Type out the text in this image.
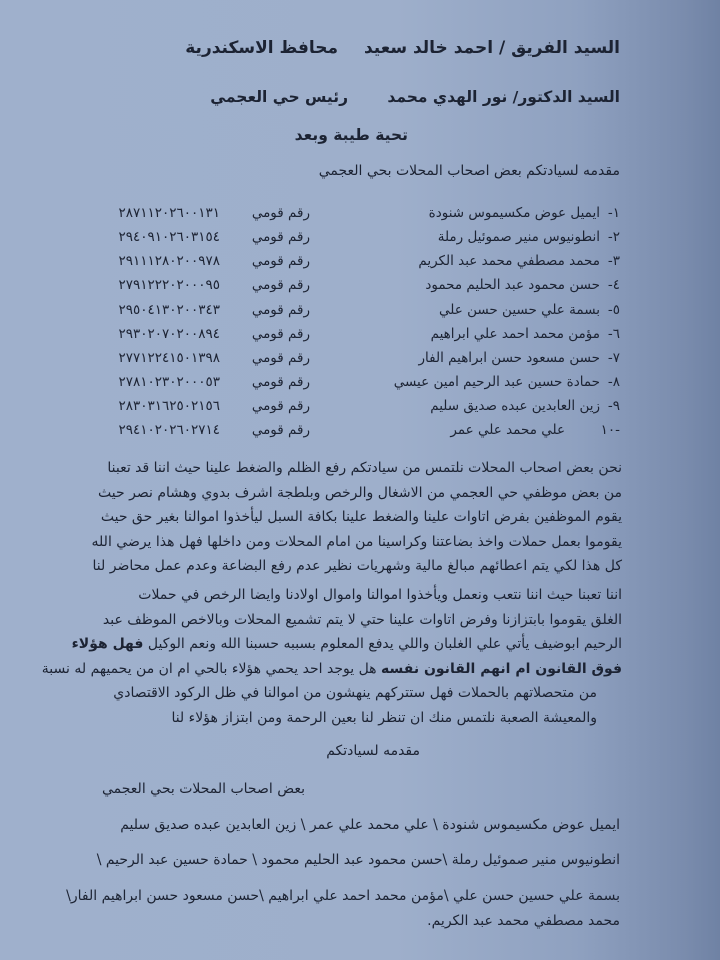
السيد الفريق / احمد خالد سعيد
محافظ الاسكندرية
السيد الدكتور/ نور الهدي محمد
رئيس حي العجمي
تحية طيبة وبعد
مقدمه لسيادتكم بعض اصحاب المحلات بحي العجمي
١-
ايميل عوض مكسيموس شنودة
رقم قومي
٢٨٧١١٢٠٢٦٠٠١٣١
٢-
انطونيوس منير صموئيل رملة
رقم قومي
٢٩٤٠٩١٠٢٦٠٣١٥٤
٣-
محمد مصطفي محمد عبد الكريم
رقم قومي
٢٩١١١٢٨٠٢٠٠٩٧٨
٤-
حسن محمود عبد الحليم محمود
رقم قومي
٢٧٩١٢٢٢٠٢٠٠٠٩٥
٥-
بسمة علي حسين حسن علي
رقم قومي
٢٩٥٠٤١٣٠٢٠٠٣٤٣
٦-
مؤمن محمد احمد علي ابراهيم
رقم قومي
٢٩٣٠٢٠٧٠٢٠٠٨٩٤
٧-
حسن مسعود حسن ابراهيم الفار
رقم قومي
٢٧٧١٢٢٤١٥٠١٣٩٨
٨-
حمادة حسين عبد الرحيم امين عيسي
رقم قومي
٢٧٨١٠٢٣٠٢٠٠٠٥٣
٩-
زين العابدين عبده صديق سليم
رقم قومي
٢٨٣٠٣١٦٢٥٠٢١٥٦
-١٠
علي محمد علي عمر
رقم قومي
٢٩٤١٠٢٠٢٦٠٢٧١٤
نحن بعض اصحاب المحلات نلتمس من سيادتكم رفع الظلم والضغط علينا حيث اننا قد تعبنا
من بعض موظفي حي العجمي من الاشغال والرخص وبلطجة اشرف بدوي وهشام نصر حيث
يقوم الموظفين بفرض اتاوات علينا والضغط علينا بكافة السبل ليأخذوا اموالنا بغير حق حيث
يقوموا بعمل حملات واخذ بضاعتنا وكراسينا من امام المحلات ومن داخلها فهل هذا يرضي الله
كل هذا لكي يتم اعطائهم مبالغ مالية وشهريات نظير عدم رفع البضاعة وعدم عمل محاضر لنا
اننا تعبنا حيث اننا نتعب ونعمل ويأخذوا اموالنا واموال اولادنا وايضا الرخص في حملات
الغلق يقوموا بابتزازنا وفرض اتاوات علينا حتي لا يتم تشميع المحلات وبالاخص الموظف عبد
الرحيم ابوضيف يأتي علي الغلبان واللي يدفع المعلوم بسببه حسبنا الله ونعم الوكيل فهل هؤلاء
فوق القانون ام انهم القانون نفسه هل يوجد احد يحمي هؤلاء بالحي ام ان من يحميهم له نسبة
من متحصلاتهم بالحملات فهل ستتركهم ينهشون من اموالنا في ظل الركود الاقتصادي
والمعيشة الصعبة نلتمس منك ان تنظر لنا بعين الرحمة ومن ابتزاز هؤلاء لنا
مقدمه لسيادتكم
بعض اصحاب المحلات بحي العجمي
ايميل عوض مكسيموس شنودة \ علي محمد علي عمر \ زين العابدين عبده صديق سليم
انطونيوس منير صموئيل رملة \حسن محمود عبد الحليم محمود \ حمادة حسين عبد الرحيم \
بسمة علي حسين حسن علي \مؤمن محمد احمد علي ابراهيم \حسن مسعود حسن ابراهيم الفار\
محمد مصطفي محمد عبد الكريم.
